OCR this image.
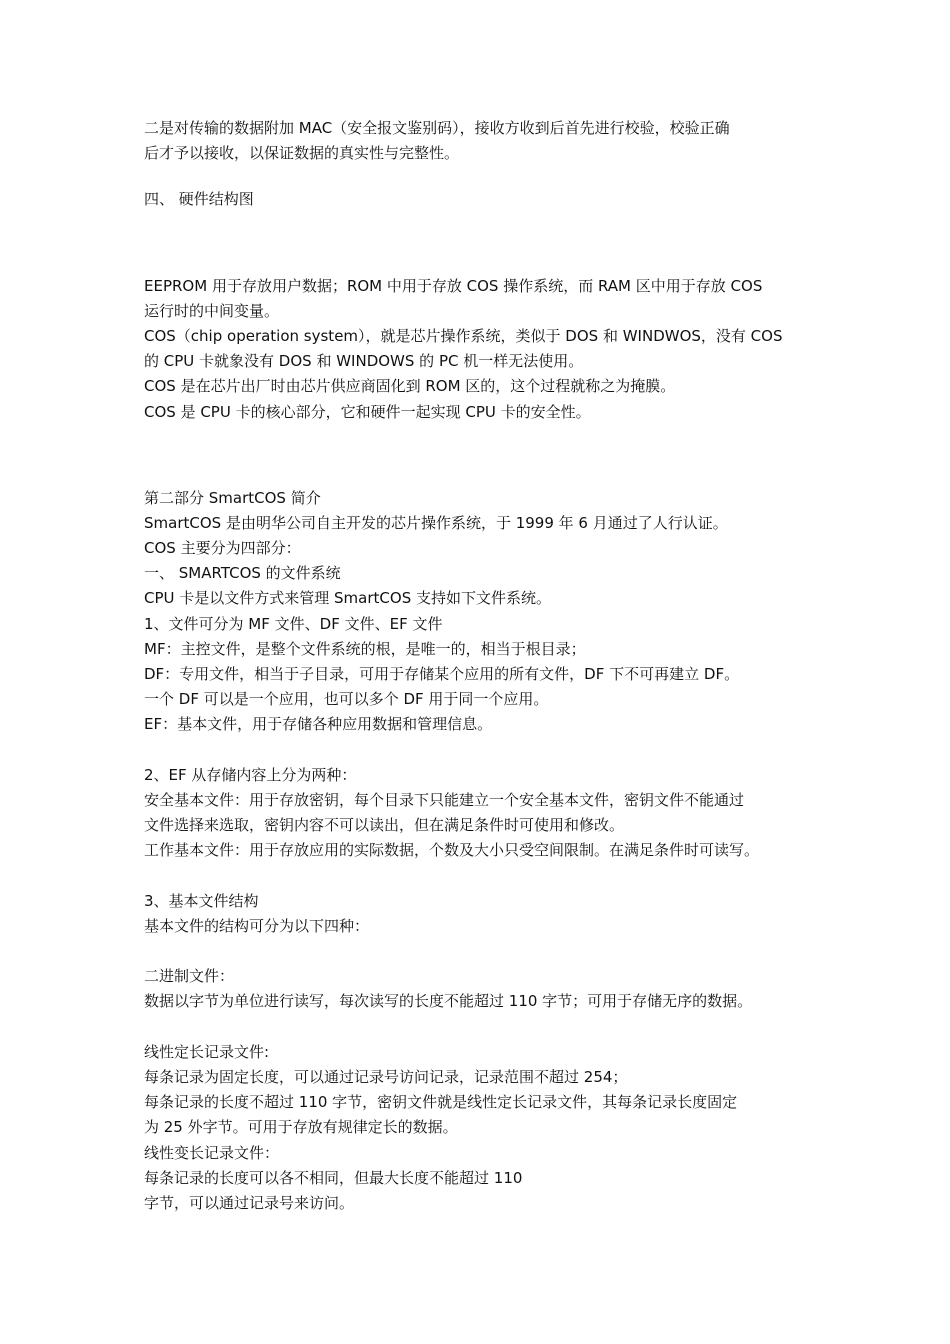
二是对传输的数据附加 MAC（安全报文鉴别码），接收方收到后首先进行校验，校验正确
后才予以接收，以保证数据的真实性与完整性。
四、 硬件结构图
EEPROM 用于存放用户数据；ROM 中用于存放 COS 操作系统，而 RAM 区中用于存放 COS
运行时的中间变量。
COS（chip operation system），就是芯片操作系统，类似于 DOS 和 WINDWOS，没有 COS
的 CPU 卡就象没有 DOS 和 WINDOWS 的 PC 机一样无法使用。
COS 是在芯片出厂时由芯片供应商固化到 ROM 区的，这个过程就称之为掩膜。
COS 是 CPU 卡的核心部分，它和硬件一起实现 CPU 卡的安全性。
第二部分 SmartCOS 简介
SmartCOS 是由明华公司自主开发的芯片操作系统，于 1999 年 6 月通过了人行认证。
COS 主要分为四部分：
一、 SMARTCOS 的文件系统
CPU 卡是以文件方式来管理 SmartCOS 支持如下文件系统。
1、文件可分为 MF 文件、DF 文件、EF 文件
MF：主控文件，是整个文件系统的根，是唯一的，相当于根目录；
DF：专用文件，相当于子目录，可用于存储某个应用的所有文件，DF 下不可再建立 DF。
一个 DF 可以是一个应用，也可以多个 DF 用于同一个应用。
EF：基本文件，用于存储各种应用数据和管理信息。
2、EF 从存储内容上分为两种：
安全基本文件：用于存放密钥，每个目录下只能建立一个安全基本文件，密钥文件不能通过
文件选择来选取，密钥内容不可以读出，但在满足条件时可使用和修改。
工作基本文件：用于存放应用的实际数据，个数及大小只受空间限制。在满足条件时可读写。
3、基本文件结构
基本文件的结构可分为以下四种：
二进制文件：
数据以字节为单位进行读写，每次读写的长度不能超过 110 字节；可用于存储无序的数据。
线性定长记录文件:
每条记录为固定长度，可以通过记录号访问记录，记录范围不超过 254；
每条记录的长度不超过 110 字节，密钥文件就是线性定长记录文件，其每条记录长度固定
为 25 外字节。可用于存放有规律定长的数据。
线性变长记录文件：
每条记录的长度可以各不相同，但最大长度不能超过 110
字节，可以通过记录号来访问。
